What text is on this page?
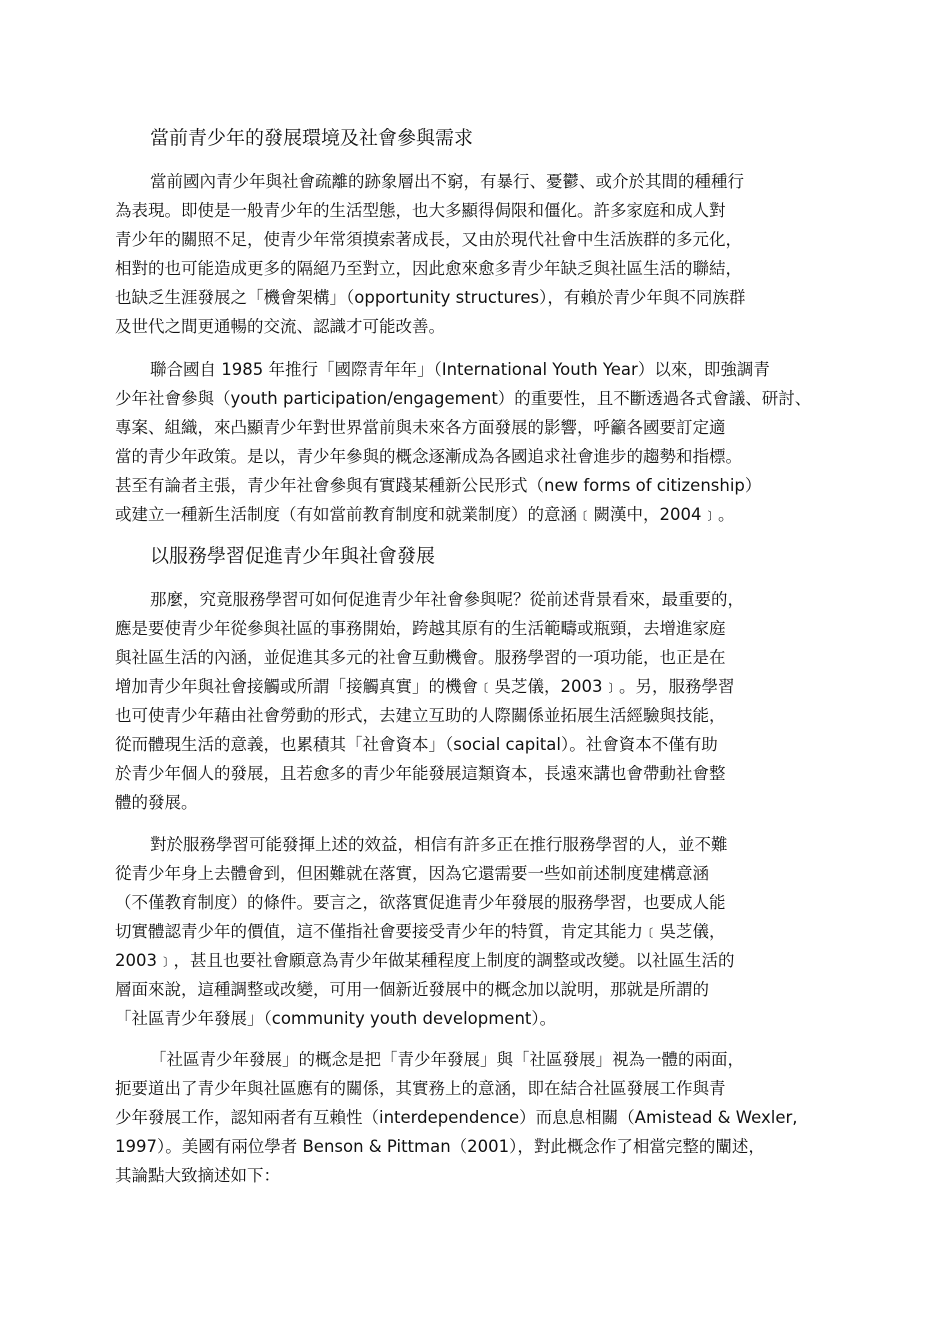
當前青少年的發展環境及社會參與需求
當前國內青少年與社會疏離的跡象層出不窮，有暴行、憂鬱、或介於其間的種種行
為表現。即使是一般青少年的生活型態，也大多顯得侷限和僵化。許多家庭和成人對
青少年的關照不足，使青少年常須摸索著成長，又由於現代社會中生活族群的多元化，
相對的也可能造成更多的隔絕乃至對立，因此愈來愈多青少年缺乏與社區生活的聯結，
也缺乏生涯發展之「機會架構」（opportunity structures），有賴於青少年與不同族群
及世代之間更通暢的交流、認識才可能改善。
聯合國自 1985 年推行「國際青年年」（International Youth Year）以來，即強調青
少年社會參與（youth participation/engagement）的重要性，且不斷透過各式會議、研討、
專案、組織，來凸顯青少年對世界當前與未來各方面發展的影響，呼籲各國要訂定適
當的青少年政策。是以，青少年參與的概念逐漸成為各國追求社會進步的趨勢和指標。
甚至有論者主張，青少年社會參與有實踐某種新公民形式（new forms of citizenship）
或建立一種新生活制度（有如當前教育制度和就業制度）的意涵﹝闕漢中，2004﹞。
以服務學習促進青少年與社會發展
那麼，究竟服務學習可如何促進青少年社會參與呢？從前述背景看來，最重要的，
應是要使青少年從參與社區的事務開始，跨越其原有的生活範疇或瓶頸，去增進家庭
與社區生活的內涵，並促進其多元的社會互動機會。服務學習的一項功能，也正是在
增加青少年與社會接觸或所謂「接觸真實」的機會﹝吳芝儀，2003﹞。另，服務學習
也可使青少年藉由社會勞動的形式，去建立互助的人際關係並拓展生活經驗與技能，
從而體現生活的意義，也累積其「社會資本」（social capital）。社會資本不僅有助
於青少年個人的發展，且若愈多的青少年能發展這類資本，長遠來講也會帶動社會整
體的發展。
對於服務學習可能發揮上述的效益，相信有許多正在推行服務學習的人，並不難
從青少年身上去體會到，但困難就在落實，因為它還需要一些如前述制度建構意涵
（不僅教育制度）的條件。要言之，欲落實促進青少年發展的服務學習，也要成人能
切實體認青少年的價值，這不僅指社會要接受青少年的特質，肯定其能力﹝吳芝儀，
2003﹞，甚且也要社會願意為青少年做某種程度上制度的調整或改變。以社區生活的
層面來說，這種調整或改變，可用一個新近發展中的概念加以說明，那就是所謂的
「社區青少年發展」（community youth development）。
「社區青少年發展」的概念是把「青少年發展」與「社區發展」視為一體的兩面，
扼要道出了青少年與社區應有的關係，其實務上的意涵，即在結合社區發展工作與青
少年發展工作，認知兩者有互賴性（interdependence）而息息相關（Amistead & Wexler,
1997）。美國有兩位學者 Benson & Pittman（2001），對此概念作了相當完整的闡述，
其論點大致摘述如下：
